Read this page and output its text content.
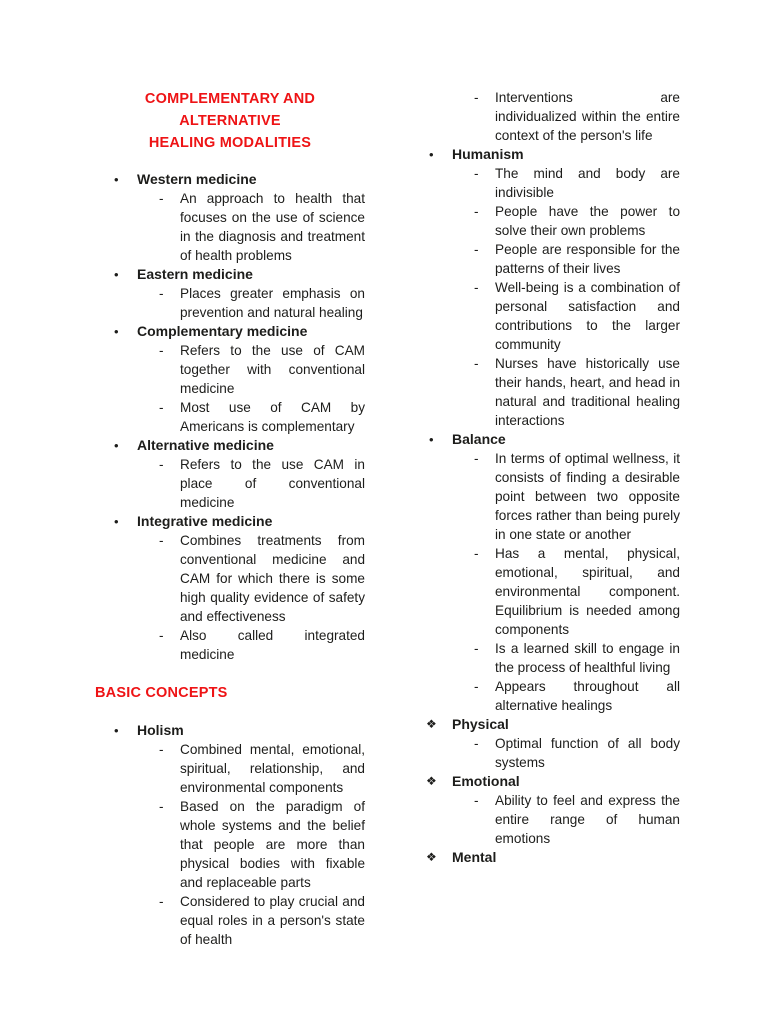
COMPLEMENTARY AND ALTERNATIVE
HEALING MODALITIES
• Western medicine
- An approach to health that focuses on the use of science in the diagnosis and treatment of health problems
• Eastern medicine
- Places greater emphasis on prevention and natural healing
• Complementary medicine
- Refers to the use of CAM together with conventional medicine
- Most use of CAM by Americans is complementary
• Alternative medicine
- Refers to the use CAM in place of conventional medicine
• Integrative medicine
- Combines treatments from conventional medicine and CAM for which there is some high quality evidence of safety and effectiveness
- Also called integrated medicine
BASIC CONCEPTS
• Holism
- Combined mental, emotional, spiritual, relationship, and environmental components
- Based on the paradigm of whole systems and the belief that people are more than physical bodies with fixable and replaceable parts
- Considered to play crucial and equal roles in a person's state of health
- Interventions are individualized within the entire context of the person's life
• Humanism
- The mind and body are indivisible
- People have the power to solve their own problems
- People are responsible for the patterns of their lives
- Well-being is a combination of personal satisfaction and contributions to the larger community
- Nurses have historically use their hands, heart, and head in natural and traditional healing interactions
• Balance
- In terms of optimal wellness, it consists of finding a desirable point between two opposite forces rather than being purely in one state or another
- Has a mental, physical, emotional, spiritual, and environmental component. Equilibrium is needed among components
- Is a learned skill to engage in the process of healthful living
- Appears throughout all alternative healings
❖ Physical
- Optimal function of all body systems
❖ Emotional
- Ability to feel and express the entire range of human emotions
❖ Mental
